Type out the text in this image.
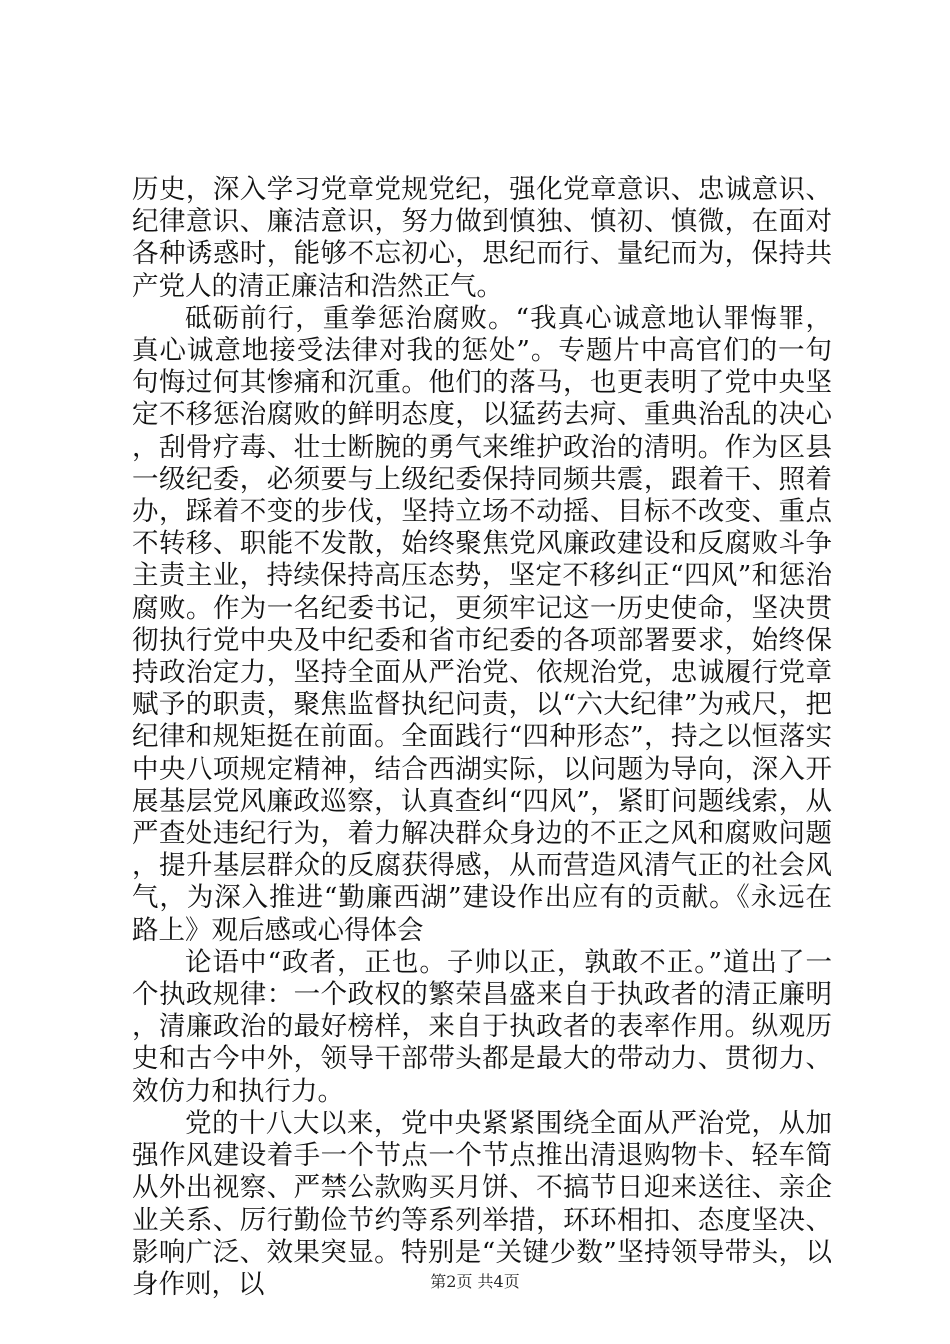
历史，深入学习党章党规党纪，强化党章意识、忠诚意识、纪律意识、廉洁意识，努力做到慎独、慎初、慎微，在面对各种诱惑时，能够不忘初心，思纪而行、量纪而为，保持共产党人的清正廉洁和浩然正气。

砥砺前行，重拳惩治腐败。“我真心诚意地认罪悔罪，真心诚意地接受法律对我的惩处”。专题片中高官们的一句句悔过何其惨痛和沉重。他们的落马，也更表明了党中央坚定不移惩治腐败的鲜明态度，以猛药去疴、重典治乱的决心，刮骨疗毒、壮士断腕的勇气来维护政治的清明。作为区县一级纪委，必须要与上级纪委保持同频共震，跟着干、照着办，踩着不变的步伐，坚持立场不动摇、目标不改变、重点不转移、职能不发散，始终聚焦党风廉政建设和反腐败斗争主责主业，持续保持高压态势，坚定不移纠正“四风”和惩治腐败。作为一名纪委书记，更须牢记这一历史使命，坚决贯彻执行党中央及中纪委和省市纪委的各项部署要求，始终保持政治定力，坚持全面从严治党、依规治党，忠诚履行党章赋予的职责，聚焦监督执纪问责，以“六大纪律”为戒尺，把纪律和规矩挺在前面。全面践行“四种形态”，持之以恒落实中央八项规定精神，结合西湖实际，以问题为导向，深入开展基层党风廉政巡察，认真查纠“四风”，紧盯问题线索，从严查处违纪行为，着力解决群众身边的不正之风和腐败问题，提升基层群众的反腐获得感，从而营造风清气正的社会风气，为深入推进“勤廉西湖”建设作出应有的贡献。《永远在路上》观后感或心得体会

论语中“政者，正也。子帅以正，孰敢不正。”道出了一个执政规律：一个政权的繁荣昌盛来自于执政者的清正廉明，清廉政治的最好榜样，来自于执政者的表率作用。纵观历史和古今中外，领导干部带头都是最大的带动力、贯彻力、效仿力和执行力。

党的十八大以来，党中央紧紧围绕全面从严治党，从加强作风建设着手一个节点一个节点推出清退购物卡、轻车简从外出视察、严禁公款购买月饼、不搞节日迎来送往、亲企业关系、厉行勤俭节约等系列举措，环环相扣、态度坚决、影响广泛、效果突显。特别是“关键少数”坚持领导带头，以身作则，以	第2页 共4页
